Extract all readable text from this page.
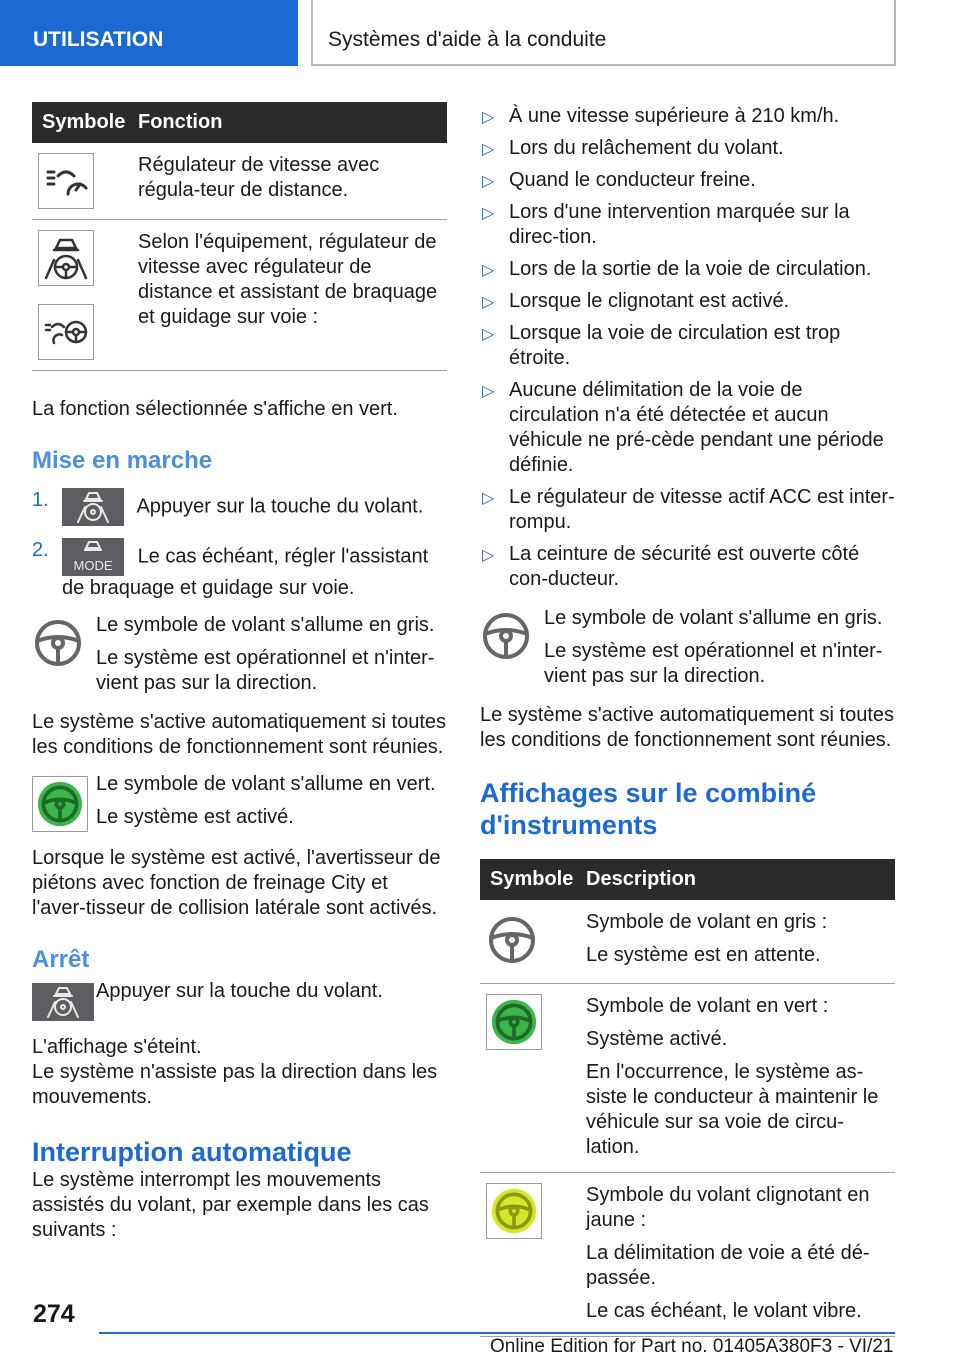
UTILISATION	Systèmes d'aide à la conduite
Symbole	Fonction

Régulateur de vitesse avec régula-teur de distance.

Selon l'équipement, régulateur de vitesse avec régulateur de distance et assistant de braquage et guidage sur voie :

La fonction sélectionnée s'affiche en vert.

Mise en marche
1.	Appuyer sur la touche du volant.
2.
MODE Le cas échéant, régler l'assistant de braquage et guidage sur voie.

Le symbole de volant s'allume en gris.

Le système est opérationnel et n'inter-vient pas sur la direction.

Le système s'active automatiquement si toutes les conditions de fonctionnement sont réunies.

Le symbole de volant s'allume en vert.

Le système est activé.

Lorsque le système est activé, l'avertisseur de piétons avec fonction de freinage City et l'aver-tisseur de collision latérale sont activés.

Arrêt

Appuyer sur la touche du volant.

L'affichage s'éteint.

Le système n'assiste pas la direction dans les mouvements.

Interruption automatique

Le système interrompt les mouvements assistés du volant, par exemple dans les cas suivants :

▷ À une vitesse supérieure à 210 km/h.
▷ Lors du relâchement du volant.
▷ Quand le conducteur freine.
▷ Lors d'une intervention marquée sur la direc-tion.
▷ Lors de la sortie de la voie de circulation.
▷ Lorsque le clignotant est activé.
▷ Lorsque la voie de circulation est trop étroite.
▷ Aucune délimitation de la voie de circulation n'a été détectée et aucun véhicule ne pré-cède pendant une période définie.
▷ Le régulateur de vitesse actif ACC est inter-rompu.
▷ La ceinture de sécurité est ouverte côté con-ducteur.

Le symbole de volant s'allume en gris.

Le système est opérationnel et n'inter-vient pas sur la direction.

Le système s'active automatiquement si toutes les conditions de fonctionnement sont réunies.

Affichages sur le combiné d'instruments
Symbole	Description

Symbole de volant en gris :

Le système est en attente.

Symbole de volant en vert :

Système activé.

En l'occurrence, le système as-siste le conducteur à maintenir le véhicule sur sa voie de circu-lation.

Symbole du volant clignotant en jaune :

La délimitation de voie a été dé-passée.

Le cas échéant, le volant vibre.

274
Online Edition for Part no. 01405A380F3 - VI/21
